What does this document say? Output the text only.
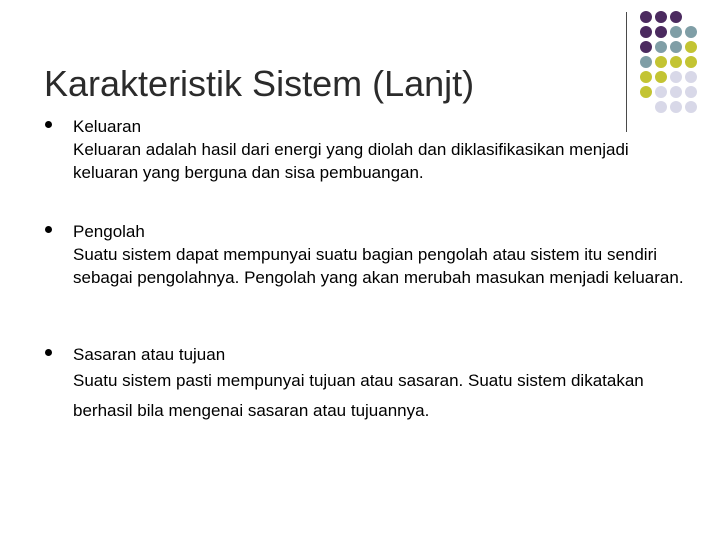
Karakteristik Sistem (Lanjt)
Keluaran
Keluaran adalah hasil dari energi yang diolah dan diklasifikasikan menjadi keluaran yang berguna dan sisa pembuangan.
Pengolah
Suatu sistem dapat mempunyai suatu bagian pengolah atau sistem itu sendiri sebagai pengolahnya. Pengolah yang akan merubah masukan menjadi keluaran.
Sasaran atau tujuan
Suatu sistem pasti mempunyai tujuan atau sasaran. Suatu sistem dikatakan berhasil bila mengenai sasaran atau tujuannya.
